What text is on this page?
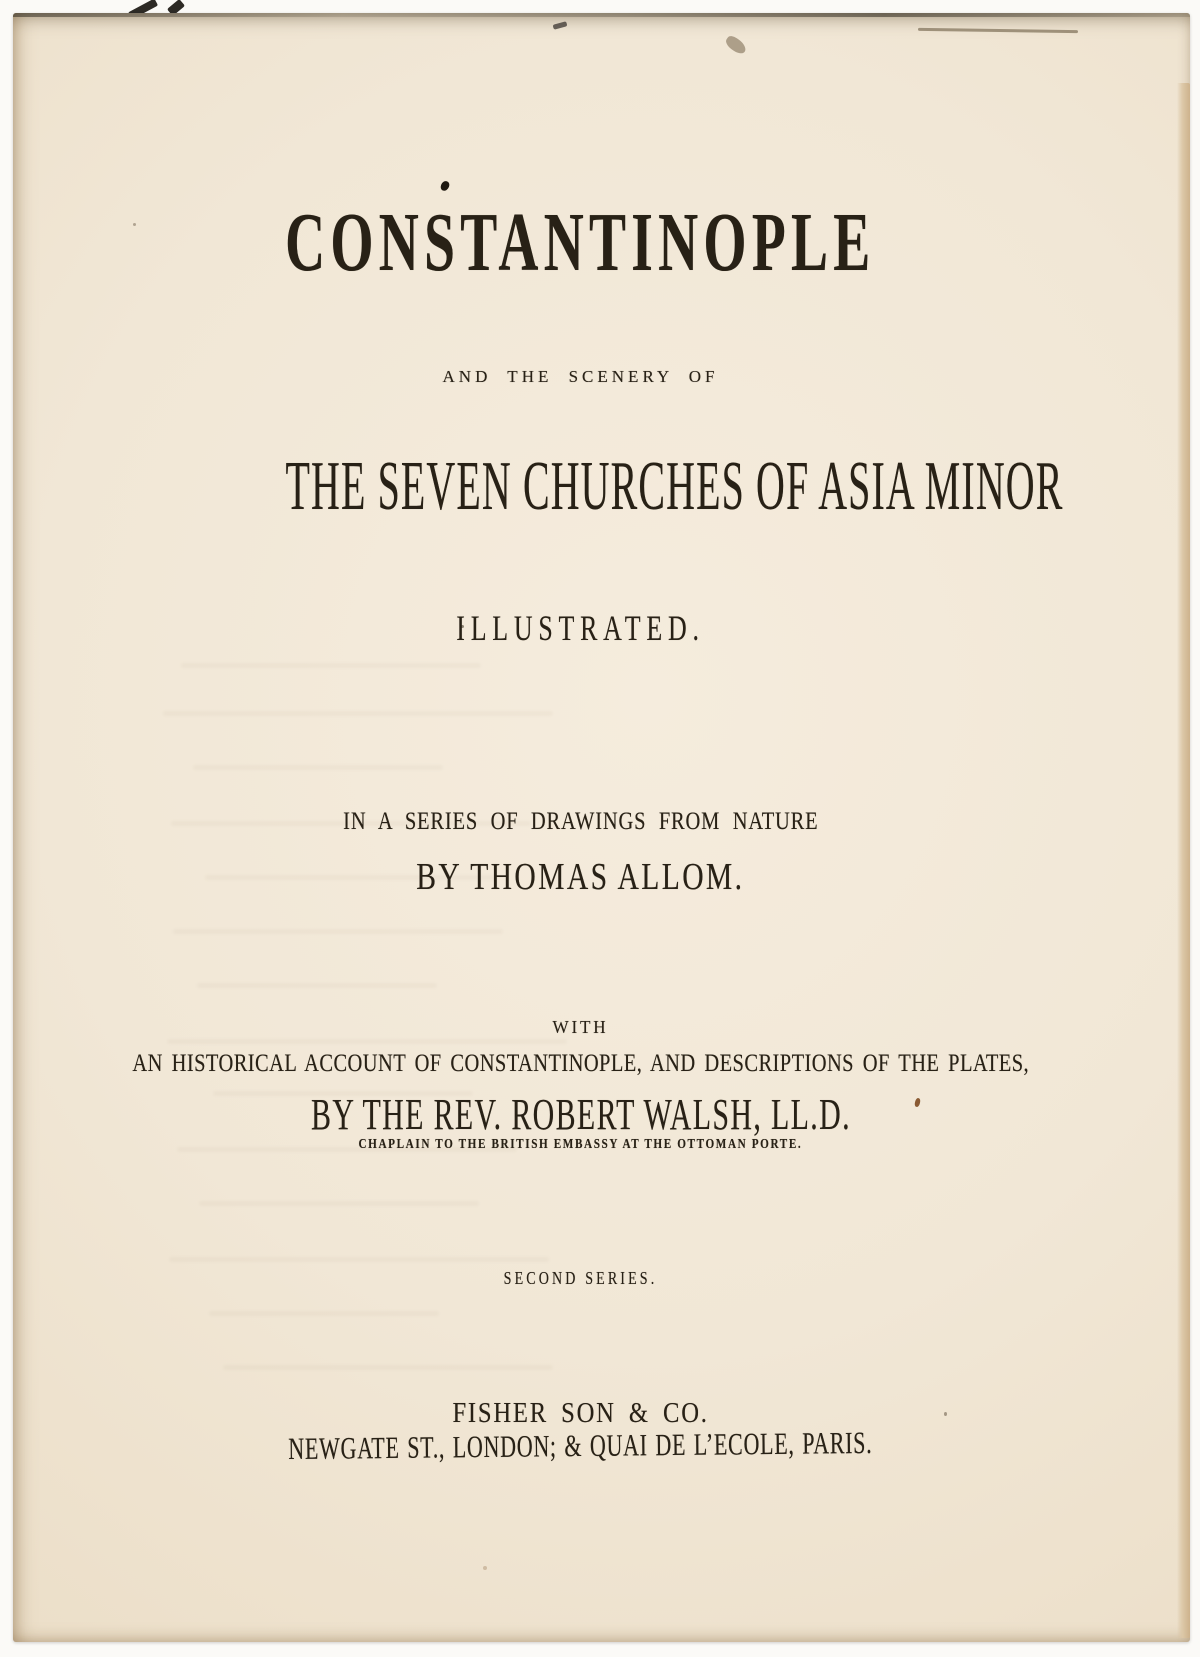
CONSTANTINOPLE
AND THE SCENERY OF
THE SEVEN CHURCHES OF ASIA MINOR
ILLUSTRATED.
IN A SERIES OF DRAWINGS FROM NATURE
BY THOMAS ALLOM.
WITH
AN HISTORICAL ACCOUNT OF CONSTANTINOPLE, AND DESCRIPTIONS OF THE PLATES,
BY THE REV. ROBERT WALSH, LL.D.
CHAPLAIN TO THE BRITISH EMBASSY AT THE OTTOMAN PORTE.
SECOND SERIES.
FISHER SON & CO.
NEWGATE ST., LONDON; & QUAI DE L’ECOLE, PARIS.
